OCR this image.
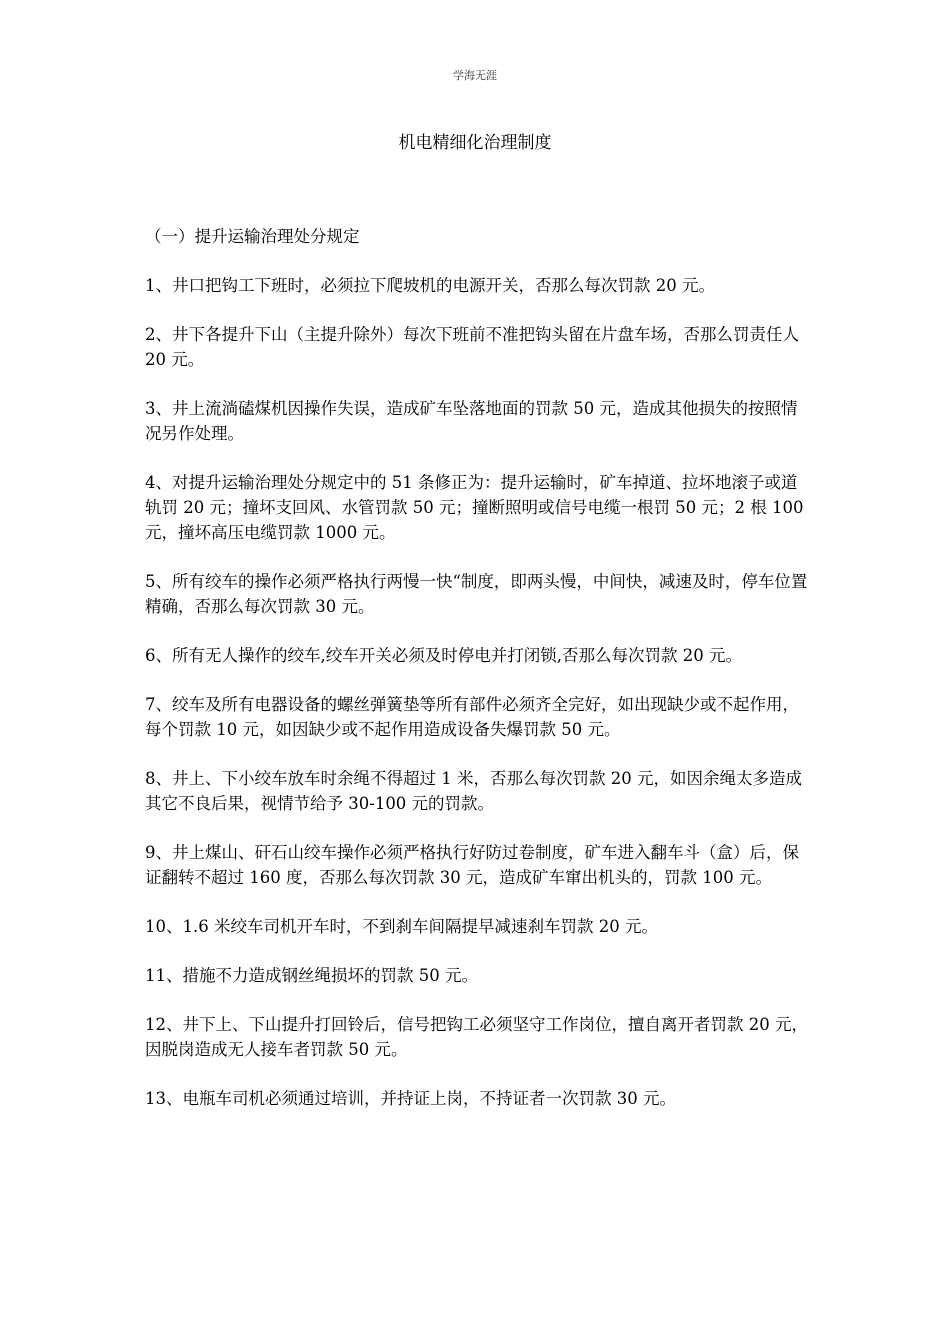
学海无涯
机电精细化治理制度

（一）提升运输治理处分规定

1、井口把钩工下班时，必须拉下爬坡机的电源开关，否那么每次罚款 20 元。

2、井下各提升下山（主提升除外）每次下班前不准把钩头留在片盘车场，否那么罚责任人 20 元。

3、井上流淌磕煤机因操作失误，造成矿车坠落地面的罚款 50 元，造成其他损失的按照情况另作处理。

4、对提升运输治理处分规定中的 51 条修正为：提升运输时，矿车掉道、拉坏地滚子或道轨罚 20 元；撞坏支回风、水管罚款 50 元；撞断照明或信号电缆一根罚 50 元；2 根 100 元，撞坏高压电缆罚款 1000 元。

5、所有绞车的操作必须严格执行两慢一快“制度，即两头慢，中间快，减速及时，停车位置精确，否那么每次罚款 30 元。

6、所有无人操作的绞车,绞车开关必须及时停电并打闭锁,否那么每次罚款 20 元。

7、绞车及所有电器设备的螺丝弹簧垫等所有部件必须齐全完好，如出现缺少或不起作用，每个罚款 10 元，如因缺少或不起作用造成设备失爆罚款 50 元。

8、井上、下小绞车放车时余绳不得超过 1 米，否那么每次罚款 20 元，如因余绳太多造成其它不良后果，视情节给予 30-100 元的罚款。

9、井上煤山、矸石山绞车操作必须严格执行好防过卷制度，矿车进入翻车斗（盒）后，保证翻转不超过 160 度，否那么每次罚款 30 元，造成矿车窜出机头的，罚款 100 元。

10、1.6 米绞车司机开车时，不到刹车间隔提早减速刹车罚款 20 元。

11、措施不力造成钢丝绳损坏的罚款 50 元。

12、井下上、下山提升打回铃后，信号把钩工必须坚守工作岗位，擅自离开者罚款 20 元，因脱岗造成无人接车者罚款 50 元。

13、电瓶车司机必须通过培训，并持证上岗，不持证者一次罚款 30 元。
